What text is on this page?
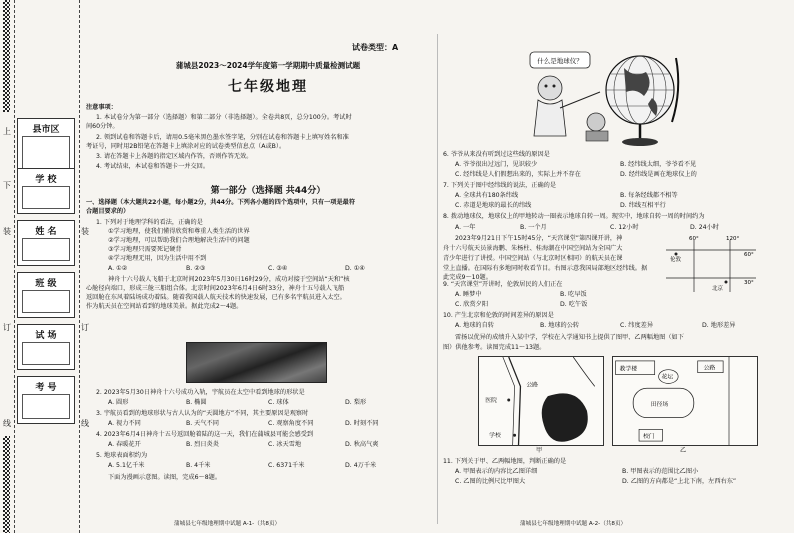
上
下
装	装
订	订
线	线
县市区
学 校
姓 名
班 级
试 场
考 号
试卷类型：A
蒲城县2023～2024学年度第一学期期中质量检测试题
七年级地理
注意事项：
1. 本试卷分为第一部分（选择题）和第二部分（非选择题）。全卷共8页，总分100分。考试时
间60分钟。
2. 领到试卷和答题卡后，请用0.5毫米黑色墨水签字笔，分别在试卷和答题卡上填写姓名和准
考证号，同时用2B铅笔在答题卡上填涂对应的试卷类型信息点（A或B）。
3. 请在答题卡上各题的指定区域内作答，否则作答无效。
4. 考试结束，本试卷和答题卡一并交回。
第一部分（选择题 共44分）
一、选择题（本大题共22小题，每小题2分，共44分。下列各小题的四个选项中，只有一项是最符
合题目要求的）
1. 下列对于地理学科的看法，正确的是
①学习地理，使我们懂得欣赏和尊重人类生活的世界
②学习地理，可以帮助我们合理地解决生活中的问题
③学习地理只需要死记硬背
④学习地理无用，因为生活中用不到
A. ①②	B. ②③	C. ③④	D. ①④
神舟十六号载人飞船于北京时间2023年5月30日16时29分，成功对接于空间站“天和”核
心舱径向端口，形成三舱三船组合体。北京时间2023年6月4日6时33分，神舟十五号载人飞船
返回舱在东风着陆场成功着陆。随着我国载人航天技术的快速发展，已有多名宇航员进入太空。
作为航天员在空间站看到的地球美景。据此完成2～4题。
2. 2023年5月30日神舟十六号成功入轨，宇航员在太空中看到地球的形状是
A. 圆形	B. 椭圆	C. 球体	D. 梨形
3. 宇航员看到的地球形状与古人认为的“天圆地方”不同，其主要原因是观察时
A. 视力不同	B. 天气不同	C. 观察角度不同	D. 时刻不同
4. 2023年6月4日神舟十五号返回舱着陆的这一天，我们在蒲城县可能会感受到
A. 春暖花开	B. 烈日炎炎	C. 冰天雪地	D. 秋高气爽
5. 地球表面积约为
A. 5.1亿千米	B. 4千米	C. 6371千米	D. 4万千米
下面为漫画示意图。读图，完成6～8题。
蒲城县七年级地理期中试题 A-1-（共8页）
什么是地球仪？
6. 爷爷从来没有听到过这些线的原因是
A. 爷爷很出过远门，见识较少	B. 经纬线太细，爷爷看不见
C. 经纬线是人们假想出来的，实际上并不存在	D. 经纬线是画在地球仪上的
7. 下列关于图中经纬线的说法，正确的是
A. 全球共有180条纬线	B. 每条经线都不相等
C. 赤道是地球的最长的纬线	D. 纬线互相平行
8. 拨动地球仪，地球仪上的甲地转动一圈表示地球自转一周。现实中，地球自转一周的时间约为
A. 一年	B. 一个月	C. 12小时	D. 24小时
2023年9月21日下午15时45分，“天宫课堂”第四课开讲，神
舟十六号航天员景海鹏、朱杨柱、桂海潮在中国空间站为全国广大
青少年进行了讲授。中国空间站（与北京时区相同）的航天员在课
堂上直播。在国际有多地同时收看节目。右图示意我国局部地区经纬线。据此完成9～10题。
60°	120°
60°
30°
伦敦
北京
9. “天宫课堂”开讲时，伦敦居民的人们正在
A. 睡梦中	B. 吃早饭
C. 欣赏夕阳	D. 吃午饭
10. 产生北京和伦敦的时间差异的原因是
A. 地球的自转	B. 地球的公转	C. 纬度差异	D. 地形差异
雷扬以优异的成绩升入某中学，学校在入学通知书上提供了图甲、乙两幅地图（如下
图）供他参考。读图完成11～13题。
公路
医院
学校
甲
教学楼
花坛
公路
田径场
校门
乙
11. 下列关于甲、乙两幅地图，判断正确的是
A. 甲图表示的内容比乙图详细	B. 甲图表示的范围比乙图小
C. 乙图的比例尺比甲图大	D. 乙图的方向都是“上北下南，左西右东”
蒲城县七年级地理期中试题 A-2-（共8页）
